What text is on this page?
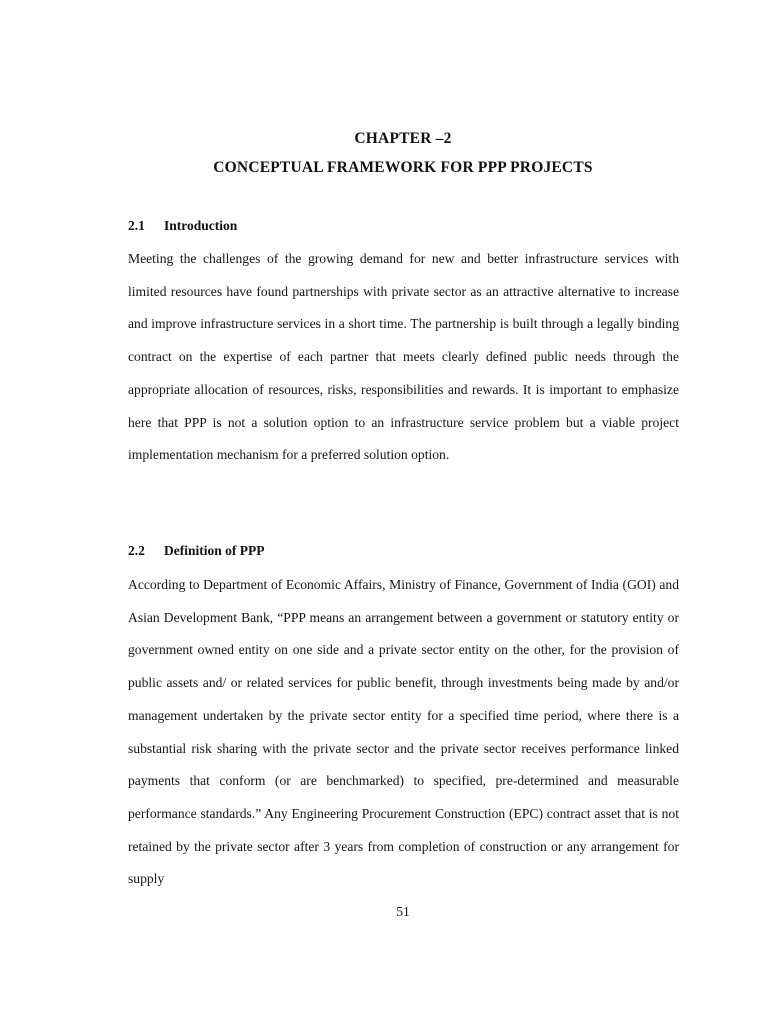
CHAPTER –2
CONCEPTUAL FRAMEWORK FOR PPP PROJECTS
2.1 Introduction

Meeting the challenges of the growing demand for new and better infrastructure services with limited resources have found partnerships with private sector as an attractive alternative to increase and improve infrastructure services in a short time. The partnership is built through a legally binding contract on the expertise of each partner that meets clearly defined public needs through the appropriate allocation of resources, risks, responsibilities and rewards. It is important to emphasize here that PPP is not a solution option to an infrastructure service problem but a viable project implementation mechanism for a preferred solution option.

2.2 Definition of PPP

According to Department of Economic Affairs, Ministry of Finance, Government of India (GOI) and Asian Development Bank, “PPP means an arrangement between a government or statutory entity or government owned entity on one side and a private sector entity on the other, for the provision of public assets and/ or related services for public benefit, through investments being made by and/or management undertaken by the private sector entity for a specified time period, where there is a substantial risk sharing with the private sector and the private sector receives performance linked payments that conform (or are benchmarked) to specified, pre-determined and measurable performance standards.” Any Engineering Procurement Construction (EPC) contract asset that is not retained by the private sector after 3 years from completion of construction or any arrangement for supply

51
